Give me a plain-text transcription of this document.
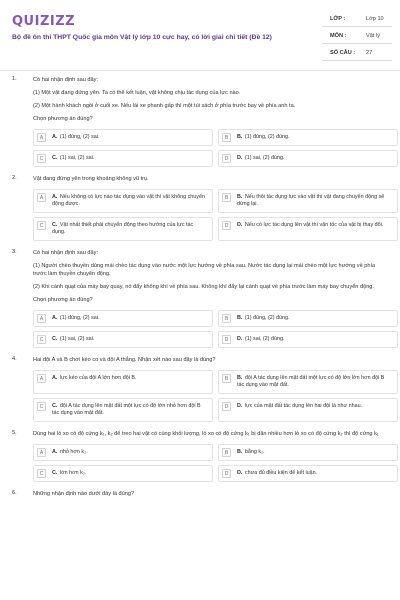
QUIZIZZ
Bộ đề ôn thi THPT Quốc gia môn Vật lý lớp 10 cực hay, có lời giải chi tiết (Đề 12)
LỚP :	Lớp 10
MÔN :	Vật lý
SỐ CÂU : 27
1.	Có hai nhận định sau đây:
(1) Một vật đang đứng yên. Ta có thể kết luận, vật không chịu tác dụng của lực nào.
(2) Một hành khách ngồi ở cuối xe. Nếu lái xe phanh gấp thì một túi sách ở phía trước bay về phía anh ta.
Chọn phương án đúng?
A	A. (1) đúng, (2) sai.	B	B. (1) đúng, (2) đúng.
C	C. (1) sai, (2) sai.	D	D. (1) sai, (2) đúng.
2.	Vật đang đứng yên trong khoảng không vũ trụ.
A	A. Nếu không có lực nào tác dụng vào vật thì vật không chuyển động được.
B	B. Nếu thôi tác dụng lực vào vật thì vật đang chuyển động sẽ dừng lại.
C	C. Vật nhất thiết phải chuyển động theo hướng của lực tác dụng.
D	D. Nếu có lực tác dụng lên vật thì vận tốc của vật bị thay đổi.
3.	Có hai nhận định sau đây:
(1) Người chèo thuyền dùng mái chèo tác dụng vào nước một lực hướng về phía sau. Nước tác dụng lại mái chèo một lực hướng về phía trước làm thuyền chuyển động.
(2) Khi cánh quạt của máy bay quay, nó đẩy không khí về phía sau. Không khí đẩy lại cánh quạt về phía trước làm máy bay chuyển động.
Chọn phương án đúng?
A	A. (1) đúng, (2) sai.	B	B. (1) đúng, (2) đúng.
C	C. (1) sai, (2) sai.	D	D. (1) sai, (2) đúng.
4.	Hai đội A và B chơi kéo co và đội A thắng. Nhận xét nào sau đây là đúng?
A	A. lực kéo của đội A lớn hơn đội B.	B	B. đội A tác dụng lên mặt đất một lực có độ lớn lớn hơn đội B tác dụng vào mặt đất.
C	C. đội A tác dụng lên mặt đất một lực có độ lớn nhỏ hơn đội B tác dụng vào mặt đất.
D	D. lực của mặt đất tác dụng lên hai đội là như nhau.
5.	Dùng hai lò xo có độ cứng k₁, k₂ để treo hai vật có cùng khối lượng, lò xo có độ cứng k₁ bị dãn nhiều hơn lò xo có độ cứng k₂ thì độ cứng k₁
A	A. nhỏ hơn k₂.	B	B. bằng k₂.
C	C. lớn hơn k₂.	D	D. chưa đủ điều kiện để kết luận.
6.	Những nhận định nào dưới đây là đúng?
